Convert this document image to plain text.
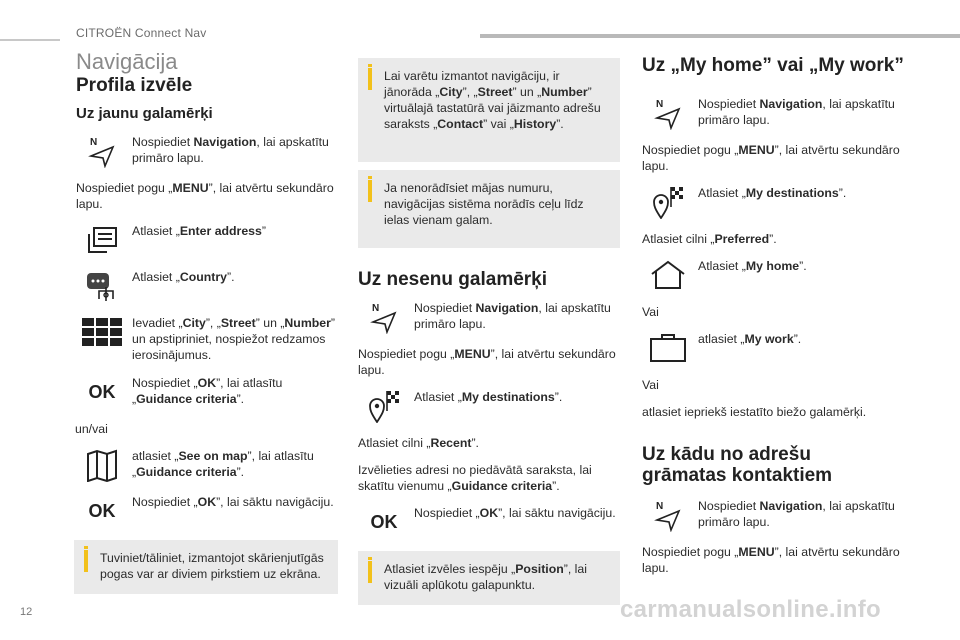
CITROËN Connect Nav
12	carmanualsonline.info
Navigācija
Profila izvēle
Uz jaunu galamērķi
N	Nospiediet Navigation, lai apskatītu primāro lapu.
Nospiediet pogu „MENU”, lai atvērtu sekundāro lapu.
Atlasiet „Enter address”
Atlasiet „Country”.
Ievadiet „City”, „Street” un „Number” un apstipriniet, nospiežot redzamos ierosinājumus.
OK Nospiediet „OK”, lai atlasītu „Guidance criteria”.
un/vai
atlasiet „See on map”, lai atlasītu „Guidance criteria”.
OK Nospiediet „OK”, lai sāktu navigāciju.
Tuviniet/tāliniet, izmantojot skārienjutīgās pogas var ar diviem pirkstiem uz ekrāna.
Lai varētu izmantot navigāciju, ir jānorāda „City”, „Street” un „Number” virtuālajā tastatūrā vai jāizmanto adrešu saraksts „Contact” vai „History”.
Ja nenorādīsiet mājas numuru, navigācijas sistēma norādīs ceļu līdz ielas vienam galam.
Uz nesenu galamērķi
N	Nospiediet Navigation, lai apskatītu primāro lapu.
Nospiediet pogu „MENU”, lai atvērtu sekundāro lapu.
Atlasiet „My destinations”.
Atlasiet cilni „Recent”.
Izvēlieties adresi no piedāvātā saraksta, lai skatītu vienumu „Guidance criteria”.
OK Nospiediet „OK”, lai sāktu navigāciju.
Atlasiet izvēles iespēju „Position”, lai vizuāli aplūkotu galapunktu.
Uz „My home” vai „My work”
N	Nospiediet Navigation, lai apskatītu primāro lapu.
Nospiediet pogu „MENU”, lai atvērtu sekundāro lapu.
Atlasiet „My destinations”.
Atlasiet cilni „Preferred”.
Atlasiet „My home”.
Vai
atlasiet „My work”.
Vai
atlasiet iepriekš iestatīto biežo galamērķi.
Uz kādu no adrešu
grāmatas kontaktiem
N	Nospiediet Navigation, lai apskatītu primāro lapu.
Nospiediet pogu „MENU”, lai atvērtu sekundāro lapu.
